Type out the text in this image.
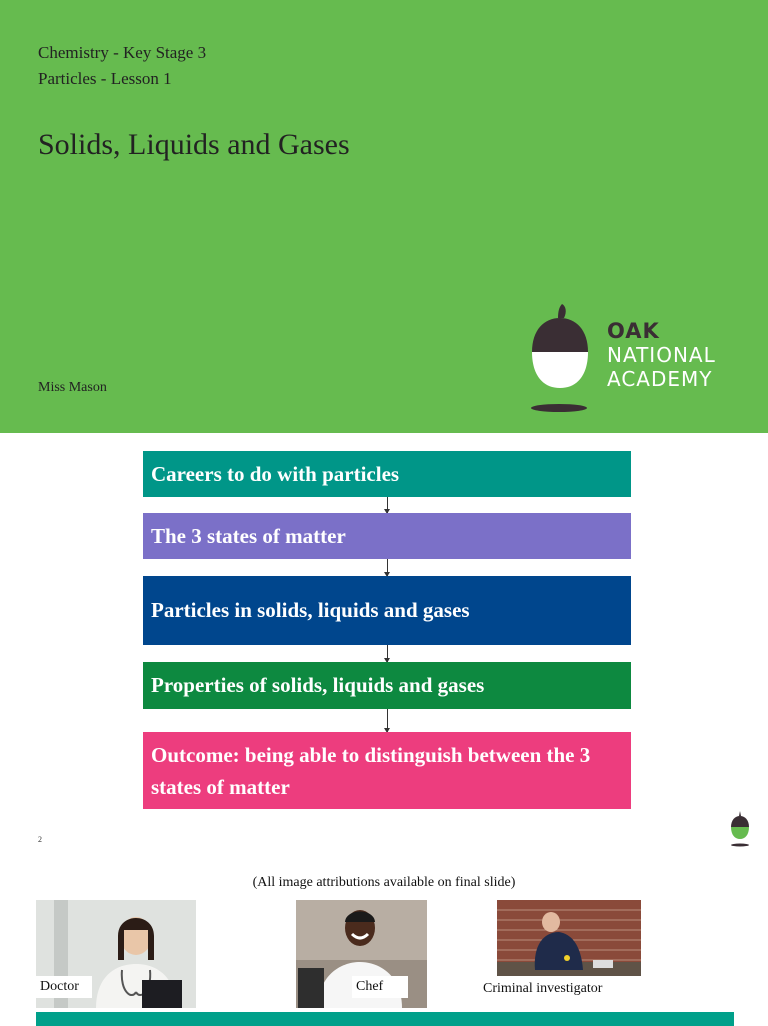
Chemistry - Key Stage 3
Particles - Lesson 1
Solids, Liquids and Gases
Miss Mason
OAK
NATIONAL
ACADEMY
Careers to do with particles
The 3 states of matter
Particles in solids, liquids and gases
Properties of solids, liquids and gases
Outcome: being able to distinguish between the 3 states of matter
2
(All image attributions available on final slide)
Doctor	Chef	Criminal investigator
